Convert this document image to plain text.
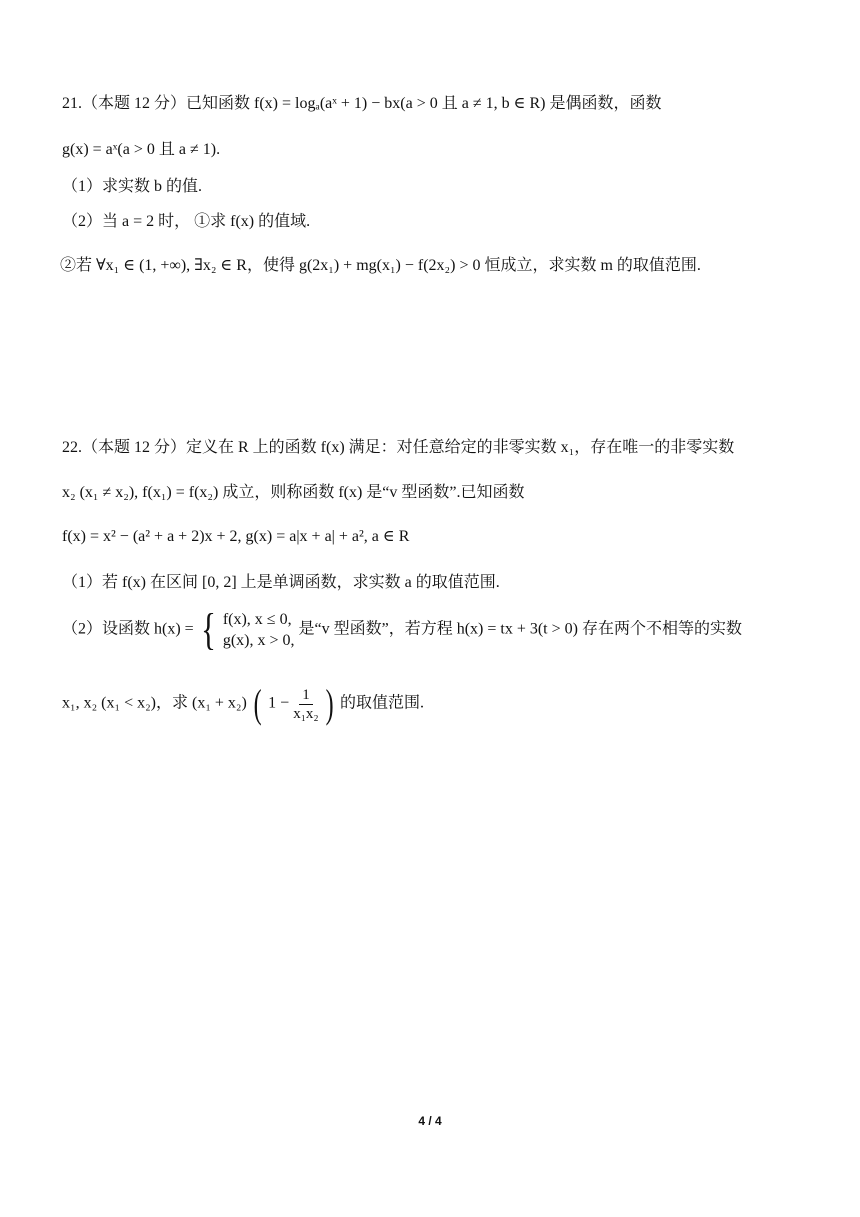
21.（本题 12 分）已知函数 f(x) = logₐ(aˣ + 1) − bx(a > 0 且 a ≠ 1, b ∈ R) 是偶函数，函数
g(x) = aˣ(a > 0 且 a ≠ 1).
（1）求实数 b 的值.
（2）当 a = 2 时， ①求 f(x) 的值域.
②若 ∀x₁ ∈ (1, +∞), ∃x₂ ∈ R，使得 g(2x₁) + mg(x₁) − f(2x₂) > 0 恒成立，求实数 m 的取值范围.
22.（本题 12 分）定义在 R 上的函数 f(x) 满足：对任意给定的非零实数 x₁，存在唯一的非零实数
x₂ (x₁ ≠ x₂), f(x₁) = f(x₂) 成立，则称函数 f(x) 是“v 型函数”.已知函数
f(x) = x² − (a² + a + 2)x + 2, g(x) = a|x + a| + a², a ∈ R
（1）若 f(x) 在区间 [0, 2] 上是单调函数，求实数 a 的取值范围.
（2）设函数 h(x) = { f(x), x ≤ 0,
g(x), x > 0,
是“v 型函数”，若方程 h(x) = tx + 3(t > 0) 存在两个不相等的实数
x₁, x₂ (x₁ < x₂)，求 (x₁ + x₂) ( $1 - \frac{1}{\text{x₁x₂}}$ ) 的取值范围.
4 / 4
